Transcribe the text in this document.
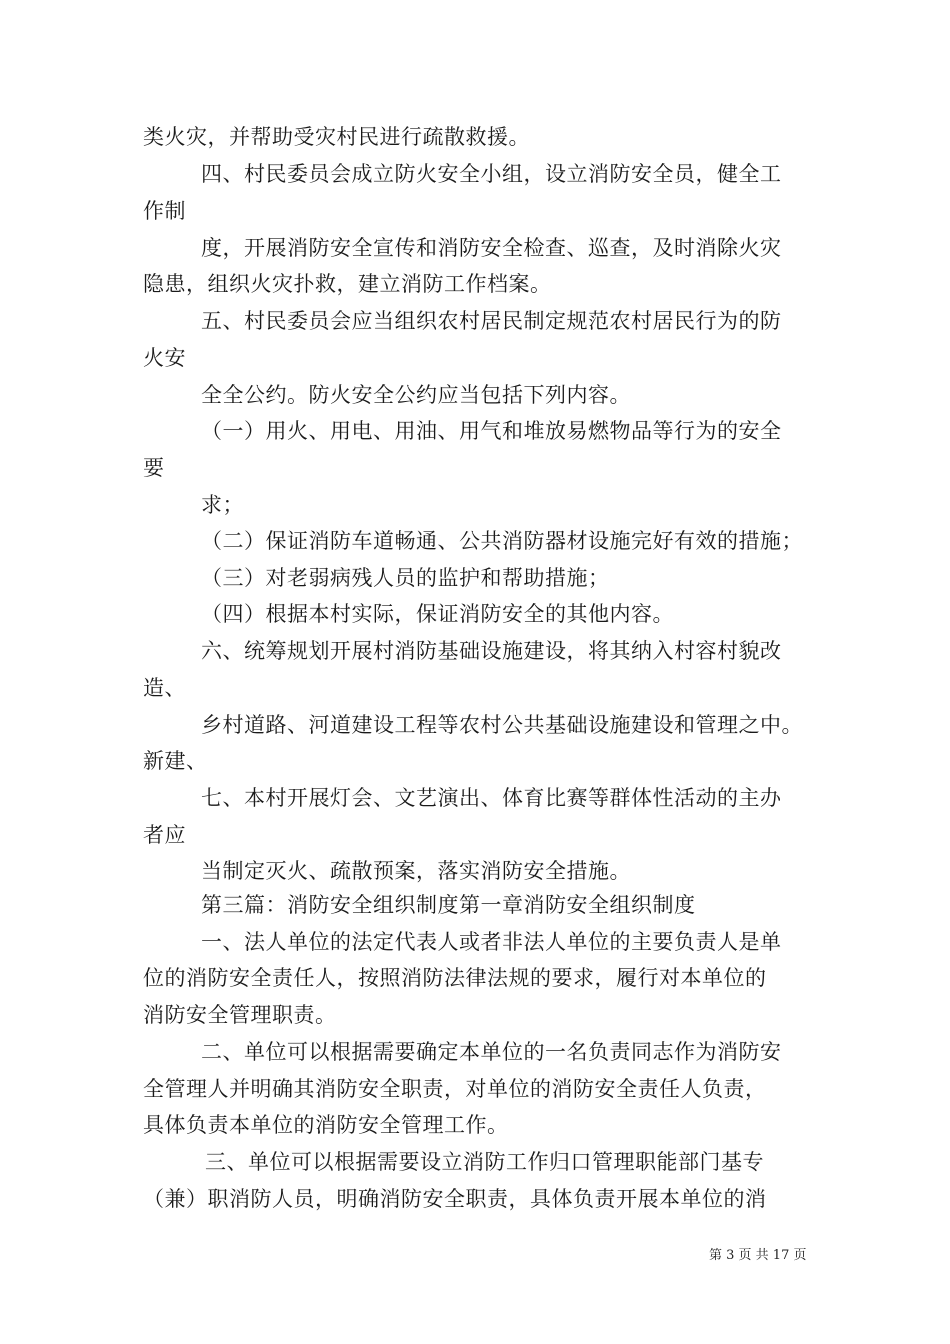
类火灾，并帮助受灾村民进行疏散救援。
四、村民委员会成立防火安全小组，设立消防安全员，健全工
作制
度，开展消防安全宣传和消防安全检查、巡查，及时消除火灾
隐患，组织火灾扑救，建立消防工作档案。
五、村民委员会应当组织农村居民制定规范农村居民行为的防
火安
全全公约。防火安全公约应当包括下列内容。
（一）用火、用电、用油、用气和堆放易燃物品等行为的安全
要
求；
（二）保证消防车道畅通、公共消防器材设施完好有效的措施；
（三）对老弱病残人员的监护和帮助措施；
（四）根据本村实际，保证消防安全的其他内容。
六、统筹规划开展村消防基础设施建设，将其纳入村容村貌改
造、
乡村道路、河道建设工程等农村公共基础设施建设和管理之中。
新建、
七、本村开展灯会、文艺演出、体育比赛等群体性活动的主办
者应
当制定灭火、疏散预案，落实消防安全措施。
第三篇：消防安全组织制度第一章消防安全组织制度
一、法人单位的法定代表人或者非法人单位的主要负责人是单
位的消防安全责任人，按照消防法律法规的要求，履行对本单位的
消防安全管理职责。
二、单位可以根据需要确定本单位的一名负责同志作为消防安
全管理人并明确其消防安全职责，对单位的消防安全责任人负责，
具体负责本单位的消防安全管理工作。
三、单位可以根据需要设立消防工作归口管理职能部门基专
（兼）职消防人员，明确消防安全职责，具体负责开展本单位的消
第 3 页 共 17 页
